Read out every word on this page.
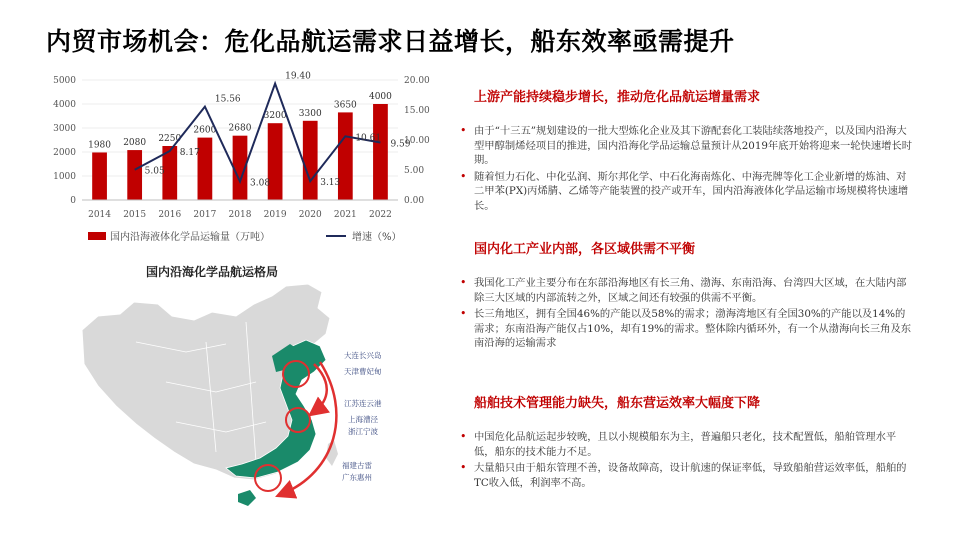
内贸市场机会：危化品航运需求日益增长，船东效率亟需提升
1980 2080 2250
2600 2680
3200 3300
3650
4000
5.05
8.17
15.56
3.08
19.40
3.13
10.61
9.59
0
1000
2000
3000
4000
5000
0.00
5.00
10.00
15.00
20.00
2014 2015 2016 2017 2018 2019 2020 2021 2022
国内沿海液体化学品运输量（万吨）	增速（%）
国内沿海化学品航运格局
大连长兴岛
天津曹妃甸
江苏连云港
上海漕泾
浙江宁波
福建古雷
广东惠州
上游产能持续稳步增长，推动危化品航运增量需求
• 由于“十三五”规划建设的一批大型炼化企业及其下游配套化工装陆续落地投产，以及国内沿海大型甲醇制烯烃项目的推进，国内沿海化学品运输总量预计从2019年底开始将迎来一轮快速增长时期。
• 随着恒力石化、中化弘润、斯尔邦化学、中石化海南炼化、中海壳牌等化工企业新增的炼油、对二甲苯(PX)丙烯腈、乙烯等产能装置的投产或开车，国内沿海液体化学品运输市场规模将快速增长。
国内化工产业内部，各区域供需不平衡
• 我国化工产业主要分布在东部沿海地区有长三角、渤海、东南沿海、台湾四大区域，在大陆内部除三大区域的内部流转之外，区域之间还有较强的供需不平衡。
• 长三角地区，拥有全国46%的产能以及58%的需求；渤海湾地区有全国30%的产能以及14%的需求；东南沿海产能仅占10%，却有19%的需求。整体除内循环外，有一个从渤海向长三角及东南沿海的运输需求
船舶技术管理能力缺失，船东营运效率大幅度下降
• 中国危化品航运起步较晚，且以小规模船东为主，普遍船只老化，技术配置低，船舶管理水平低，船东的技术能力不足。
• 大量船只由于船东管理不善，设备故障高，设计航速的保证率低，导致船舶营运效率低，船舶的TC收入低，利润率不高。
